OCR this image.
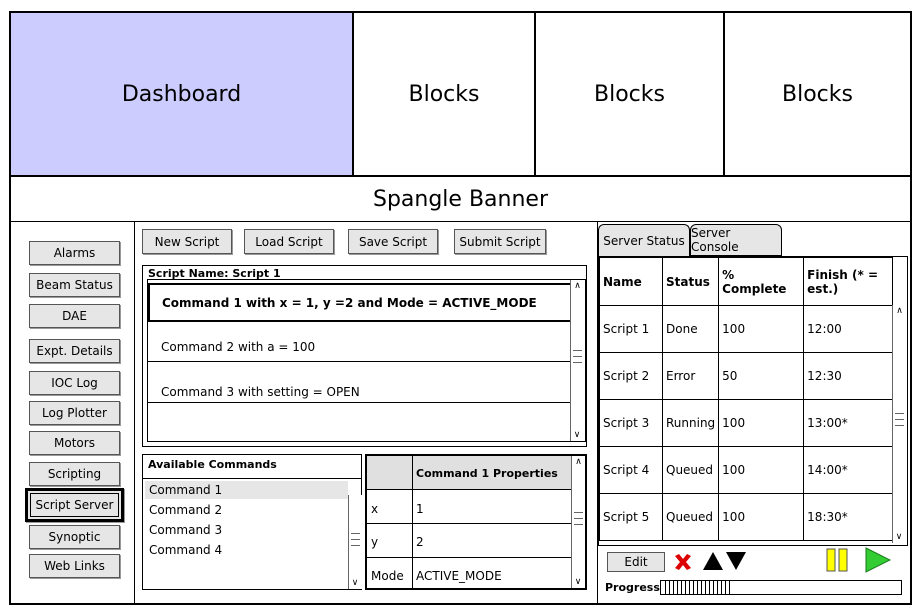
Dashboard	Blocks	Blocks	Blocks
Spangle Banner
Alarms
Beam Status
DAE
Expt. Details
IOC Log
Log Plotter
Motors
Scripting
Script Server
Synoptic
Web Links
New Script	Load Script	Save Script	Submit Script
Script Name: Script 1
Command 1 with x = 1, y =2 and Mode = ACTIVE_MODE
Command 2 with a = 100
Command 3 with setting = OPEN
∧
∨
Available Commands
Command 1
Command 2
Command 3
Command 4
∨
Command 1 Properties
x	1
y	2
Mode ACTIVE_MODE
∧
∨
Server Status
Server Console
Name	Status	% Complete	Finish (* = est.)
Script 1	Done	100	12:00
Script 2	Error	50	12:30
Script 3	Running	100	13:00*
Script 4	Queued	100	14:00*
Script 5	Queued	100	18:30*
∧
∨
Edit
Progress
